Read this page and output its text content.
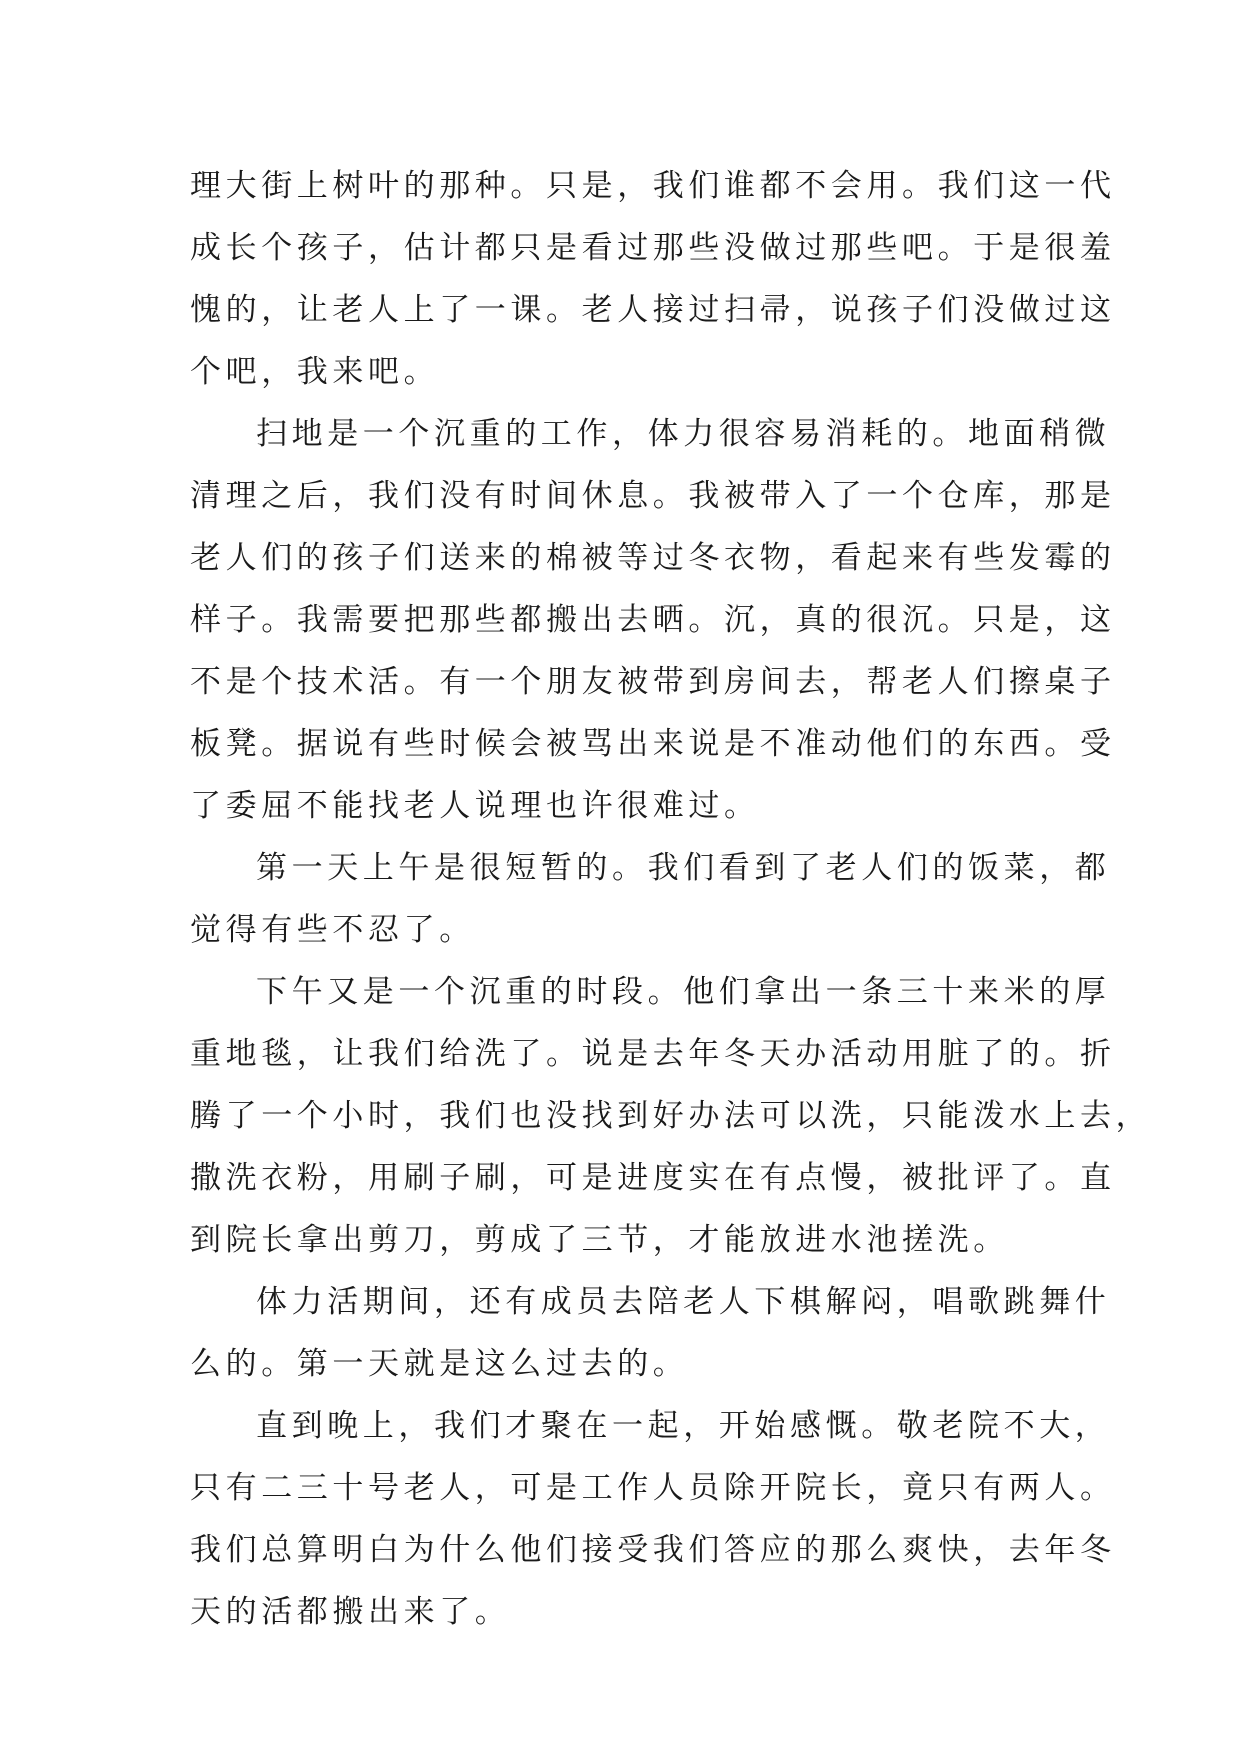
理大街上树叶的那种。只是，我们谁都不会用。我们这一代
成长个孩子，估计都只是看过那些没做过那些吧。于是很羞
愧的，让老人上了一课。老人接过扫帚，说孩子们没做过这
个吧，我来吧。
扫地是一个沉重的工作，体力很容易消耗的。地面稍微
清理之后，我们没有时间休息。我被带入了一个仓库，那是
老人们的孩子们送来的棉被等过冬衣物，看起来有些发霉的
样子。我需要把那些都搬出去晒。沉，真的很沉。只是，这
不是个技术活。有一个朋友被带到房间去，帮老人们擦桌子
板凳。据说有些时候会被骂出来说是不准动他们的东西。受
了委屈不能找老人说理也许很难过。
第一天上午是很短暂的。我们看到了老人们的饭菜，都
觉得有些不忍了。
下午又是一个沉重的时段。他们拿出一条三十来米的厚
重地毯，让我们给洗了。说是去年冬天办活动用脏了的。折
腾了一个小时，我们也没找到好办法可以洗，只能泼水上去，
撒洗衣粉，用刷子刷，可是进度实在有点慢，被批评了。直
到院长拿出剪刀，剪成了三节，才能放进水池搓洗。
体力活期间，还有成员去陪老人下棋解闷，唱歌跳舞什
么的。第一天就是这么过去的。
直到晚上，我们才聚在一起，开始感慨。敬老院不大，
只有二三十号老人，可是工作人员除开院长，竟只有两人。
我们总算明白为什么他们接受我们答应的那么爽快，去年冬
天的活都搬出来了。
